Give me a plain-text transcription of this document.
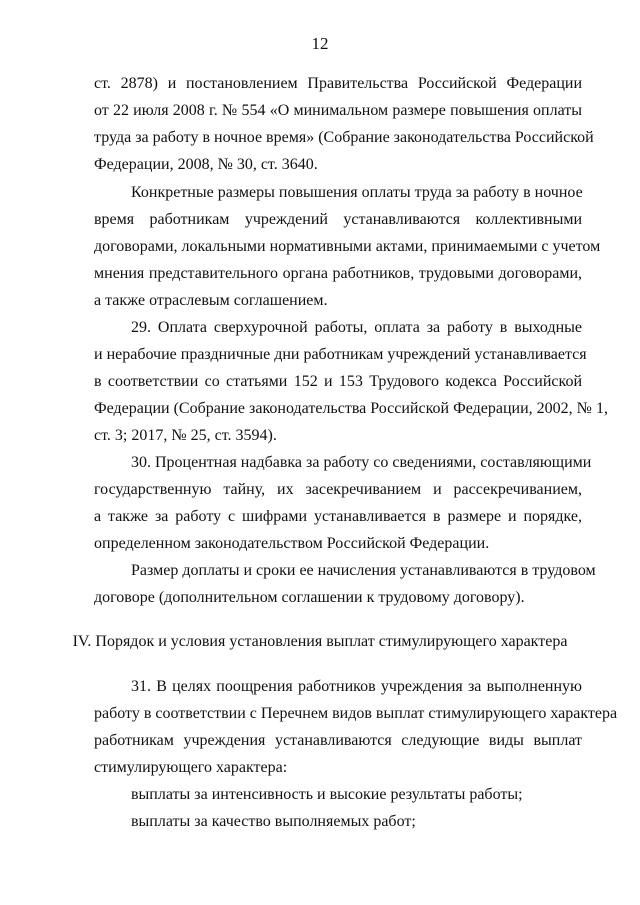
12
ст. 2878) и постановлением Правительства Российской Федерации
от 22 июля 2008 г. № 554 «О минимальном размере повышения оплаты
труда за работу в ночное время» (Собрание законодательства Российской
Федерации, 2008, № 30, ст. 3640.
Конкретные размеры повышения оплаты труда за работу в ночное
время работникам учреждений устанавливаются коллективными
договорами, локальными нормативными актами, принимаемыми с учетом
мнения представительного органа работников, трудовыми договорами,
а также отраслевым соглашением.
29. Оплата сверхурочной работы, оплата за работу в выходные
и нерабочие праздничные дни работникам учреждений устанавливается
в соответствии со статьями 152 и 153 Трудового кодекса Российской
Федерации (Собрание законодательства Российской Федерации, 2002, № 1,
ст. 3; 2017, № 25, ст. 3594).
30. Процентная надбавка за работу со сведениями, составляющими
государственную тайну, их засекречиванием и рассекречиванием,
а также за работу с шифрами устанавливается в размере и порядке,
определенном законодательством Российской Федерации.
Размер доплаты и сроки ее начисления устанавливаются в трудовом
договоре (дополнительном соглашении к трудовому договору).
IV. Порядок и условия установления выплат стимулирующего характера
31. В целях поощрения работников учреждения за выполненную
работу в соответствии с Перечнем видов выплат стимулирующего характера
работникам учреждения устанавливаются следующие виды выплат
стимулирующего характера:
выплаты за интенсивность и высокие результаты работы;
выплаты за качество выполняемых работ;
